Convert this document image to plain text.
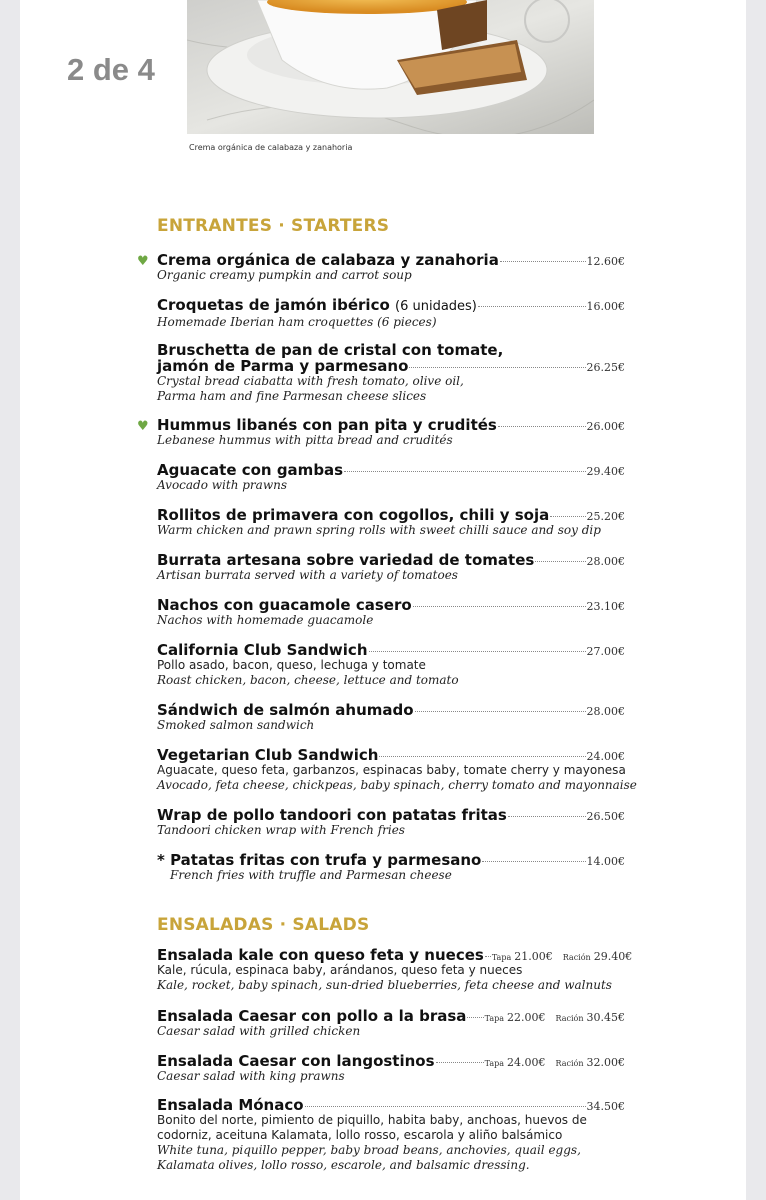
2 de 4
Crema orgánica de calabaza y zanahoria
ENTRANTES · STARTERS
♥ Crema orgánica de calabaza y zanahoria	12.60€
Organic creamy pumpkin and carrot soup
Croquetas de jamón ibérico (6 unidades)	16.00€
Homemade Iberian ham croquettes (6 pieces)
Bruschetta de pan de cristal con tomate,
jamón de Parma y parmesano	26.25€
Crystal bread ciabatta with fresh tomato, olive oil,
Parma ham and fine Parmesan cheese slices
♥ Hummus libanés con pan pita y crudités	26.00€
Lebanese hummus with pitta bread and crudités
Aguacate con gambas	29.40€
Avocado with prawns
Rollitos de primavera con cogollos, chili y soja	25.20€
Warm chicken and prawn spring rolls with sweet chilli sauce and soy dip
Burrata artesana sobre variedad de tomates	28.00€
Artisan burrata served with a variety of tomatoes
Nachos con guacamole casero	23.10€
Nachos with homemade guacamole
California Club Sandwich	27.00€
Pollo asado, bacon, queso, lechuga y tomate
Roast chicken, bacon, cheese, lettuce and tomato
Sándwich de salmón ahumado	28.00€
Smoked salmon sandwich
Vegetarian Club Sandwich	24.00€
Aguacate, queso feta, garbanzos, espinacas baby, tomate cherry y mayonesa
Avocado, feta cheese, chickpeas, baby spinach, cherry tomato and mayonnaise
Wrap de pollo tandoori con patatas fritas	26.50€
Tandoori chicken wrap with French fries
* Patatas fritas con trufa y parmesano	14.00€
French fries with truffle and Parmesan cheese
ENSALADAS · SALADS
Ensalada kale con queso feta y nueces Tapa 21.00€ Ración 29.40€
Kale, rúcula, espinaca baby, arándanos, queso feta y nueces
Kale, rocket, baby spinach, sun-dried blueberries, feta cheese and walnuts
Ensalada Caesar con pollo a la brasa Tapa 22.00€ Ración 30.45€
Caesar salad with grilled chicken
Ensalada Caesar con langostinos	Tapa 24.00€ Ración 32.00€
Caesar salad with king prawns
Ensalada Mónaco	34.50€
Bonito del norte, pimiento de piquillo, habita baby, anchoas, huevos de
codorniz, aceituna Kalamata, lollo rosso, escarola y aliño balsámico
White tuna, piquillo pepper, baby broad beans, anchovies, quail eggs,
Kalamata olives, lollo rosso, escarole, and balsamic dressing.
